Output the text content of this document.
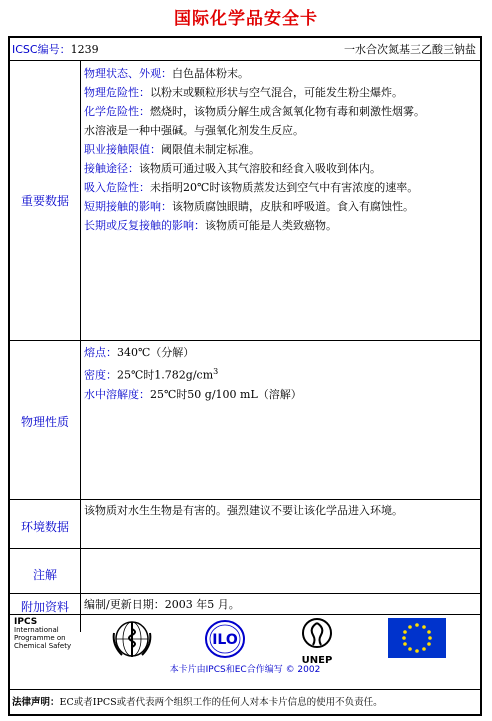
国际化学品安全卡
ICSC编号：1239	一水合次氮基三乙酸三钠盐
重要数据
物理状态、外观：白色晶体粉末。
物理危险性：以粉末或颗粒形状与空气混合，可能发生粉尘爆炸。
化学危险性：燃烧时，该物质分解生成含氮氧化物有毒和刺激性烟雾。
水溶液是一种中强碱。与强氧化剂发生反应。
职业接触限值：阈限值未制定标准。
接触途径：该物质可通过吸入其气溶胶和经食入吸收到体内。
吸入危险性：未指明20℃时该物质蒸发达到空气中有害浓度的速率。
短期接触的影响：该物质腐蚀眼睛，皮肤和呼吸道。食入有腐蚀性。
长期或反复接触的影响：该物质可能是人类致癌物。
物理性质
熔点：340℃（分解）
密度：25℃时$1.782g/cm^3$
水中溶解度：25℃时50 g/100 mL（溶解）
环境数据
该物质对水生生物是有害的。强烈建议不要让该化学品进入环境。
注解
附加资料	编制/更新日期：2003 年5 月。
IPCS
International
Programme on
Chemical Safety	ILO
UNEP
本卡片由IPCS和EC合作编写 © 2002
法律声明：EC或者IPCS或者代表两个组织工作的任何人对本卡片信息的使用不负责任。
